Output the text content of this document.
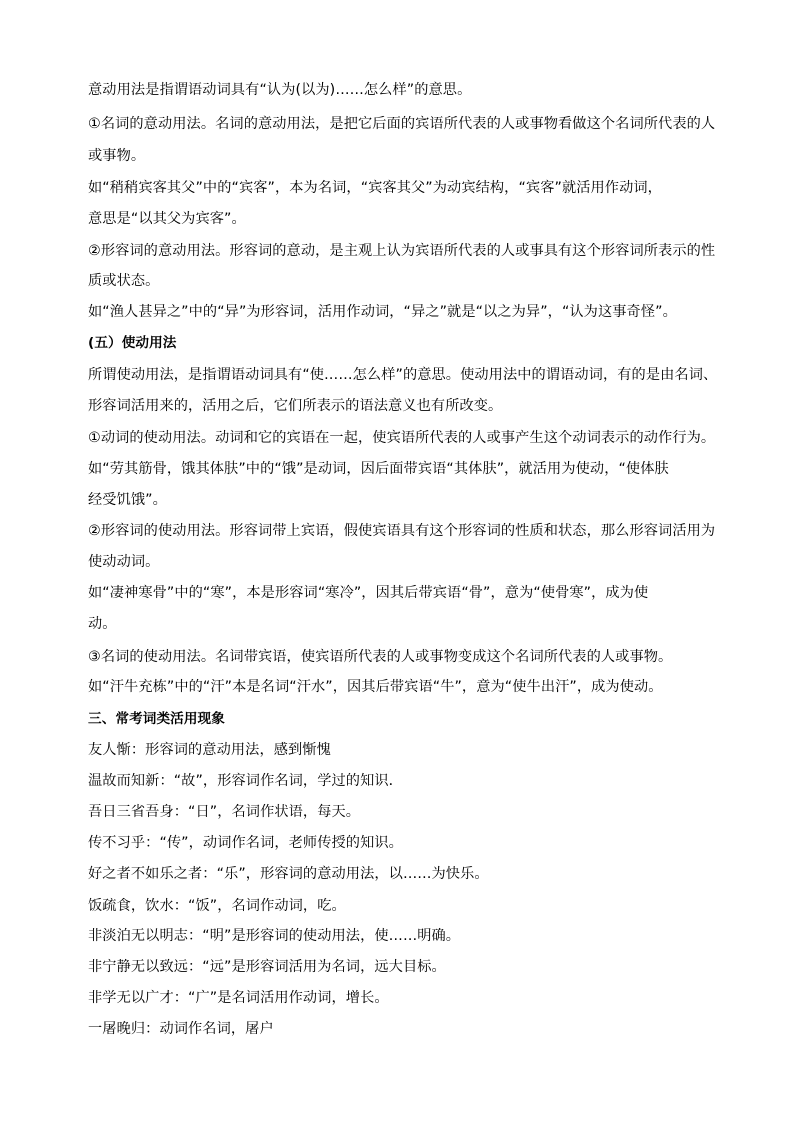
意动用法是指谓语动词具有“认为(以为)……怎么样”的意思。
①名词的意动用法。名词的意动用法，是把它后面的宾语所代表的人或事物看做这个名词所代表的人
或事物。
如“稍稍宾客其父”中的“宾客”，本为名词，“宾客其父”为动宾结构，“宾客”就活用作动词，
意思是“以其父为宾客”。
②形容词的意动用法。形容词的意动，是主观上认为宾语所代表的人或事具有这个形容词所表示的性
质或状态。
如“渔人甚异之”中的“异”为形容词，活用作动词，“异之”就是“以之为异”，“认为这事奇怪”。
(五）使动用法
所谓使动用法，是指谓语动词具有“使……怎么样”的意思。使动用法中的谓语动词，有的是由名词、
形容词活用来的，活用之后，它们所表示的语法意义也有所改变。
①动词的使动用法。动词和它的宾语在一起，使宾语所代表的人或事产生这个动词表示的动作行为。
如“劳其筋骨，饿其体肤”中的“饿”是动词，因后面带宾语“其体肤”，就活用为使动，“使体肤
经受饥饿”。
②形容词的使动用法。形容词带上宾语，假使宾语具有这个形容词的性质和状态，那么形容词活用为
使动动词。
如“凄神寒骨”中的“寒”，本是形容词“寒冷”，因其后带宾语“骨”，意为“使骨寒”，成为使
动。
③名词的使动用法。名词带宾语，使宾语所代表的人或事物变成这个名词所代表的人或事物。
如“汗牛充栋”中的“汗”本是名词“汗水”，因其后带宾语“牛”，意为“使牛出汗”，成为使动。
三、常考词类活用现象
友人惭：形容词的意动用法，感到惭愧
温故而知新：“故”，形容词作名词，学过的知识．
吾日三省吾身：“日”，名词作状语，每天。
传不习乎：“传”，动词作名词，老师传授的知识。
好之者不如乐之者：“乐”，形容词的意动用法，以……为快乐。
饭疏食，饮水：“饭”，名词作动词，吃。
非淡泊无以明志：“明”是形容词的使动用法，使……明确。
非宁静无以致远：“远”是形容词活用为名词，远大目标。
非学无以广才：“广”是名词活用作动词，增长。
一屠晚归：动词作名词，屠户
